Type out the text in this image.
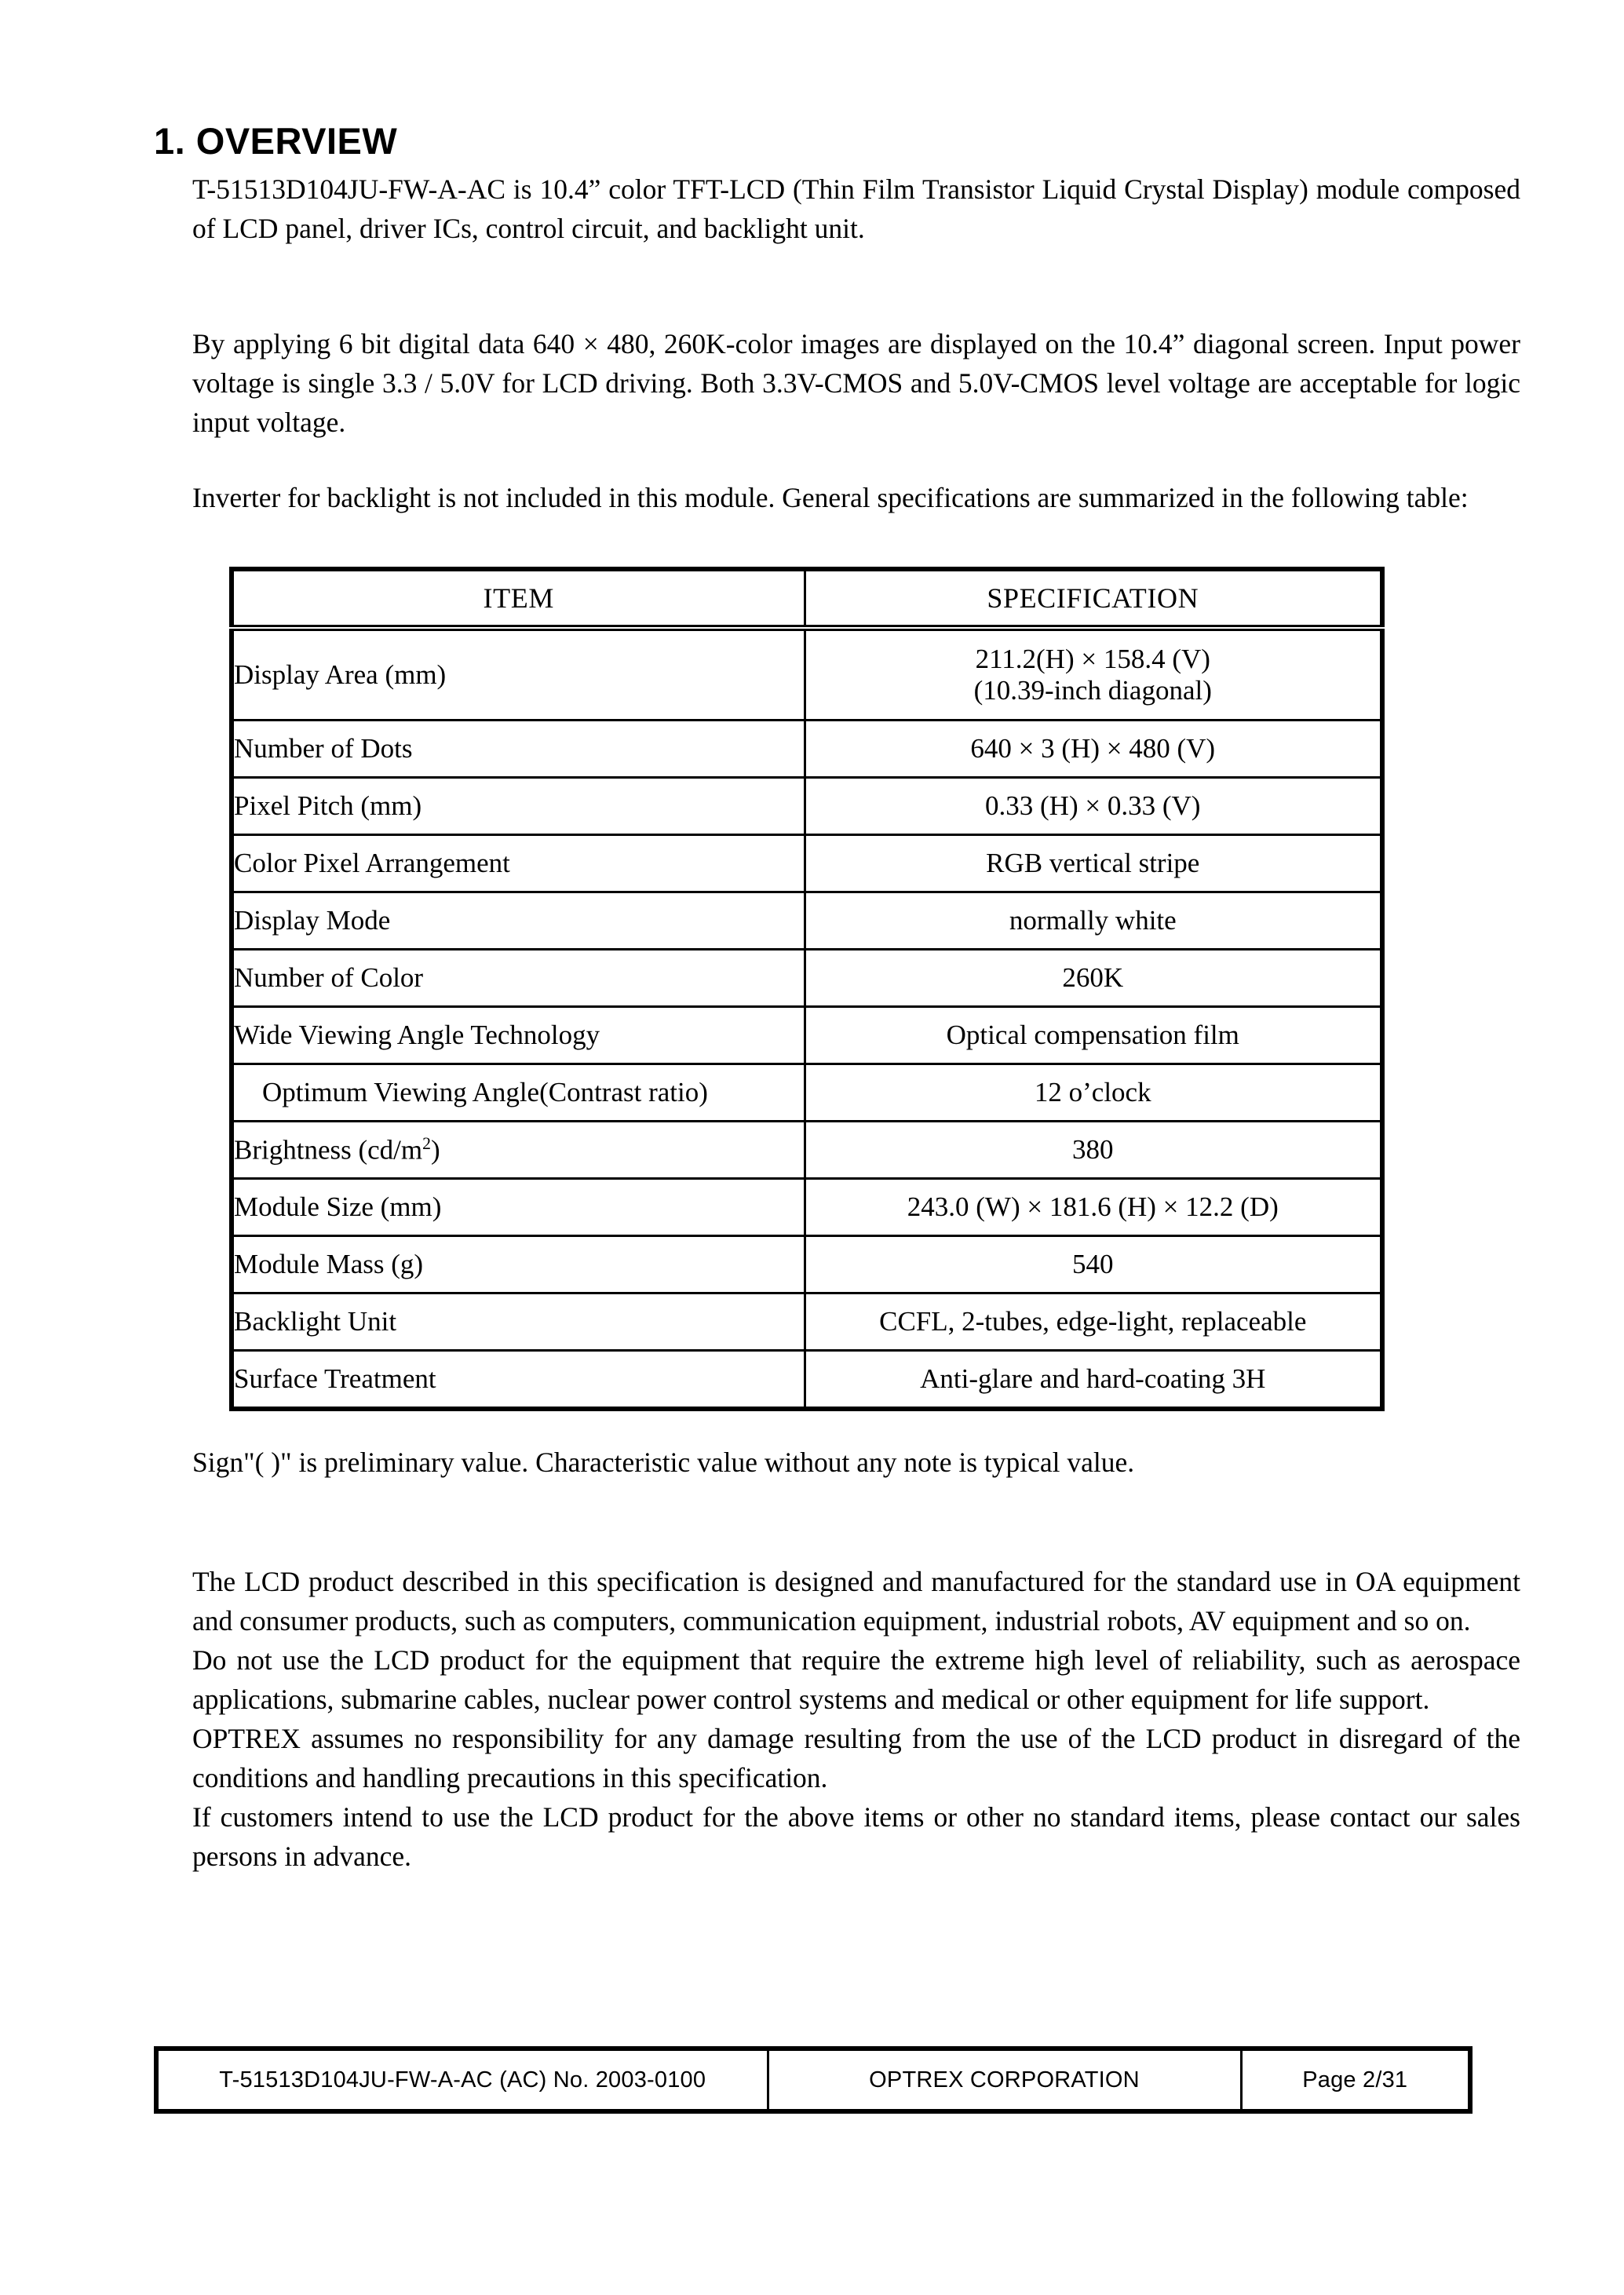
1. OVERVIEW

T-51513D104JU-FW-A-AC is 10.4” color TFT-LCD (Thin Film Transistor Liquid Crystal Display) module composed of LCD panel, driver ICs, control circuit, and backlight unit.

By applying 6 bit digital data 640 × 480, 260K-color images are displayed on the 10.4” diagonal screen. Input power voltage is single 3.3 / 5.0V for LCD driving. Both 3.3V-CMOS and 5.0V-CMOS level voltage are acceptable for logic input voltage.

Inverter for backlight is not included in this module. General specifications are summarized in the following table:

ITEM	SPECIFICATION
Display Area (mm)	211.2(H) × 158.4 (V)
(10.39-inch diagonal)

Number of Dots	640 × 3 (H) × 480 (V)
Pixel Pitch (mm)	0.33 (H) × 0.33 (V)
Color Pixel Arrangement	RGB vertical stripe
Display Mode	normally white
Number of Color	260K
Wide Viewing Angle Technology	Optical compensation film
Optimum Viewing Angle(Contrast ratio)	12 o’clock
Brightness $(cd/m^2)$	380
Module Size (mm)	243.0 (W) × 181.6 (H) × 12.2 (D)
Module Mass (g)	540
Backlight Unit	CCFL, 2-tubes, edge-light, replaceable
Surface Treatment	Anti-glare and hard-coating 3H

Sign"( )" is preliminary value. Characteristic value without any note is typical value.

The LCD product described in this specification is designed and manufactured for the standard use in OA equipment and consumer products, such as computers, communication equipment, industrial robots, AV equipment and so on.

Do not use the LCD product for the equipment that require the extreme high level of reliability, such as aerospace applications, submarine cables, nuclear power control systems and medical or other equipment for life support.

OPTREX assumes no responsibility for any damage resulting from the use of the LCD product in disregard of the conditions and handling precautions in this specification.

If customers intend to use the LCD product for the above items or other no standard items, please contact our sales persons in advance.

T-51513D104JU-FW-A-AC (AC) No. 2003-0100	OPTREX CORPORATION	Page 2/31
